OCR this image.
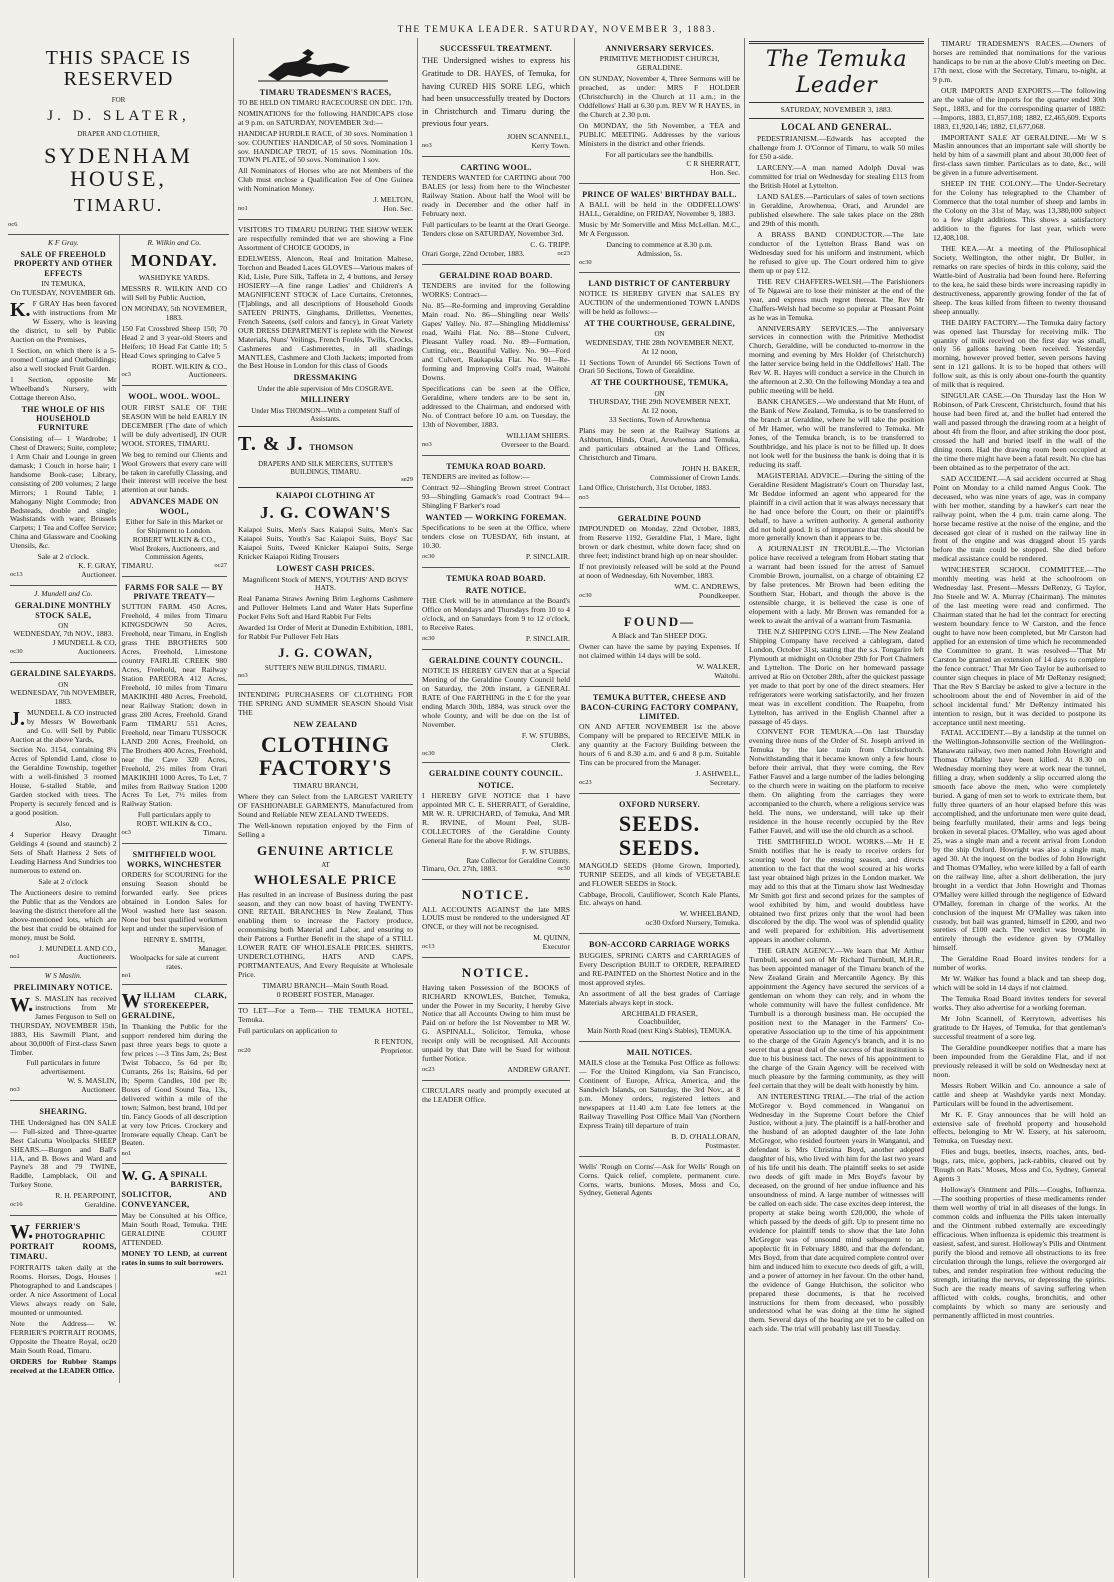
THE TEMUKA LEADER. SATURDAY, NOVEMBER 3, 1883.
THIS SPACE IS RESERVED
FOR
J. D. SLATER,
DRAPER AND CLOTHIER,
SYDENHAM HOUSE,
TIMARU.
oc6
K F Gray.
SALE OF FREEHOLD PROPERTY AND OTHER EFFECTS
IN TEMUKA,
On TUESDAY, NOVEMBER 6th.
K. F GRAY Has been favored with instructions from Mr W Essery, who is leaving the district, to sell by Public Auction on the Premises,
1 Section, on which there is a 5-roomed Cottage and Outbuildings; also a well stocked Fruit Garden.
1 Section, opposite Mr Wheelband's Nursery, with Cottage thereon Also,
THE WHOLE OF HIS HOUSEHOLD FURNITURE
Consisting of— 1 Wardrobe; 1 Chest of Drawers; Suite, complete; 1 Arm Chair and Lounge in green damask; 1 Couch in horse hair; 1 handsome Book-case; Library, consisting of 200 volumes; 2 large Mirrors; 1 Round Table; 1 Mahogany Night Commode; Iron Bedsteads, double and single; Washstands with ware; Brussels Carpets; 1 Tea and Coffee Service; China and Glassware and Cooking Utensils, &c.
Sale at 2 o'clock.
K. F. GRAY,
oc13	Auctioneer.
J. Mundell and Co.
GERALDINE MONTHLY STOCK SALE,
ON
WEDNESDAY, 7th NOV., 1883.
J MUNDELL & CO,
oc30	Auctioneers.
GERALDINE SALEYARDS.
ON
WEDNESDAY, 7th NOVEMBER, 1883.
J. MUNDELL & CO instructed by Messrs W Bowerbank and Co. will Sell by Public Auction at the above Yards,
Section No. 3154, containing 8¼ Acres of Splendid Land, close to the Geraldine Township, together with a well-finished 3 roomed House, 6-stalled Stable, and Garden stocked with trees. The Property is securely fenced and is a good position.
Also,
4 Superior Heavy Draught Geldings 4 (sound and staunch) 2 Sets of Shaft Harness 2 Sets of Leading Harness And Sundries too numerous to extend on.
Sale at 2 o'clock
The Auctioneers desire to remind the Public that as the Vendors are leaving the district therefore all the above-mentioned lots, which are the best that could be obtained for money, must be Sold.
J. MUNDELL AND CO.,
no1	Auctioneers.
W S Maslin.
PRELIMINARY NOTICE.
W. S. MASLIN has received instructions from Mr James Ferguson to Sell on THURSDAY, NOVEMBER 15th, 1883, His Sawmill Plant, and about 30,000ft of First-class Sawn Timber.
Full particulars in future advertisement.
W. S. MASLIN,
no3	Auctioneer.
SHEARING.
THE Undersigned has ON SALE— Full-sized and Three-quarter Best Calcutta Woolpacks SHEEP SHEARS.—Burgon and Ball's 11A, and B. Bows and Ward and Payne's 38 and 79 TWINE, Raddle, Lampblack, Oil and Turkey Stone.
R. H. PEARPOINT,
oc16	Geraldine.
W. FERRIER'S PHOTOGRAPHIC PORTRAIT ROOMS, TIMARU.
FORTRAITS taken daily at the Rooms. Horses, Dogs, Houses | Photographed to and Landscapes | order. A nice Assortment of Local Views always ready on Sale, mounted or unmounted.
Note the Address— W. FERRIER'S PORTRAIT ROOMS, Opposite the Theatre Royal, oc20 Main South Road, Timaru.
ORDERS for Rubber Stamps received at the LEADER Office.
R. Wilkin and Co.
MONDAY.
WASHDYKE YARDS.
MESSRS R. WILKIN AND CO will Sell by Public Auction,
ON MONDAY, 5th NOVEMBER, 1883.
150 Fat Crossbred Sheep 150; 70 Head 2 and 3 year-old Steers and Heifers; 10 Head Fat Cattle 10; 5 Head Cows springing to Calve 5
ROBT. WILKIN & CO.,
oc3	Auctioneers.
WOOL. WOOL. WOOL.
OUR FIRST SALE OF THE SEASON Will be held EARLY IN DECEMBER [The date of which will be duly advertised], IN OUR WOOL STORES, TIMARU.
We beg to remind our Clients and Wool Growers that every care will be taken in carefully Classing, and their interest will receive the best attention at our hands.
ADVANCES MADE ON WOOL,
Either for Sale in this Market or for Shipment to London.
ROBERT WILKIN & CO.,
Wool Brokers, Auctioneers, and Commission Agents,
TIMARU.	oc27
FARMS FOR SALE — BY PRIVATE TREATY—
SUTTON FARM. 450 Acres, Freehold, 4 miles from Timaru KINGSDOWN 50 Acres, Freehold, near Timaru, in English grass THE BROTHERS 500 Acres, Freehold, Limestone country FAIRLIE CREEK 980 Acres, Freehold, near Railway Station PAREORA 412 Acres, Freehold, 10 miles from Timaru MAKIKIHI 480 Acres, Freehold, near Railway Station; down in grass 200 Acres, Freehold. Grand Farm TIMARU 551 Acres, Freehold, near Timaru TUSSOCK LAND 200 Acres, Freehold, on The Brothers 400 Acres, Freehold, near the Cave 320 Acres, Freehold, 2½ miles from Orari MAKIKIHI 1000 Acres, To Let, 7 miles from Railway Station 1200 Acres To Let, 7½ miles from Railway Station.
Full particulars apply to
ROBT. WILKIN & CO.,
oc3	Timaru.
SMITHFIELD WOOL WORKS, WINCHESTER
ORDERS for SCOURING for the ensuing Season should be forwarded early. See prices obtained in London Sales for Wool washed here last season. None but best qualified workmen kept and under the supervision of
HENRY E. SMITH,
Manager.
Woolpacks for sale at current rates.
no1
WILLIAM CLARK, STOREKEEPER, GERALDINE,
In Thanking the Public for the support rendered him during the past three years begs to quote a few prices :—3 Tins Jam, 2s; Best Twist Tobacco, 5s 6d per lb; Currants, 26s 1s; Raisins, 6d per lb; Sperm Candles, 10d per lb; Boxes of Good Sound Tea, 13s, delivered within a mile of the town; Salmon, best brand, 10d per tin. Fancy Goods of all description at very low Prices. Crockery and Ironware equally Cheap. Can't be Beaten.
no1
W. G. A SPINALL BARRISTER, SOLICITOR, AND CONVEYANCER,
May be Consulted at his Office, Main South Road, Temuka. THE GERALDINE COURT ATTENDED.
MONEY TO LEND, at current rates in sums to suit borrowers.
se21
TIMARU TRADESMEN'S RACES,
TO BE HELD ON TIMARU RACECOURSE ON DEC. 17th.
NOMINATIONS for the following HANDICAPS close at 9 p.m. on SATURDAY, NOVEMBER 3rd:—
HANDICAP HURDLE RACE, of 30 sovs. Nomination 1 sov. COUNTIES' HANDICAP, of 50 sovs. Nomination 1 sov. HANDICAP TROT, of 15 sovs. Nomination 10s. TOWN PLATE, of 50 sovs. Nomination 1 sov.
All Nominators of Horses who are not Members of the Club must enclose a Qualification Fee of One Guinea with Nomination Money.
J. MELTON,
no1	Hon. Sec.
VISITORS TO TIMARU DURING THE SHOW WEEK are respectfully reminded that we are showing a Fine Assortment of CHOICE GOODS, in
EDELWEISS, Alencon, Real and Imitation Maltese, Torchon and Beaded Laces GLOVES—Various makes of Kid, Lisle, Pure Silk, Taffeta in 2, 4 buttons, and Jersey HOSIERY—A fine range Ladies' and Children's A MAGNIFICENT STOCK of Lace Curtains, Cretonnes, [T]ablings, and all descriptions of Household Goods SATEEN PRINTS, Ginghams, Drillettes, Veenettes, French Sateens, (self colors and fancy), in Great Variety OUR DRESS DEPARTMENT is replete with the Newest Materials, Nuns' Veilings, French Foulés, Twills, Crocks, Cashmeres and Cashmerettes, in all shadings MANTLES, Cashmere and Cloth Jackets; imported from the Best House in London for this class of Goods
DRESSMAKING
Under the able supervision of Mrs COSGRAVE.
MILLINERY
Under Miss THOMSON—With a competent Staff of Assistants.
T. & J. THOMSON
DRAPERS AND SILK MERCERS, SUTTER'S BUILDINGS, TIMARU.
se29
KAIAPOI CLOTHING AT
J. G. COWAN'S
Kaiapoi Suits, Men's Sacs Kaiapoi Suits, Men's Sac Kaiapoi Suits, Youth's Sac Kaiapoi Suits, Boys' Sac Kaiapoi Suits, Tweed Knicker Kaiapoi Suits, Serge Knicker Kaiapoi Riding Trousers
LOWEST CASH PRICES.
Magnificent Stock of MEN'S, YOUTHS' AND BOYS' HATS.
Real Panama Straws Awning Brim Leghorns Cashmere and Pullover Helmets Land and Water Hats Superfine Pocket Felts Soft and Hard Rabbit Fur Felts
Awarded 1st Order of Merit at Dunedin Exhibition, 1881, for Rabbit Fur Pullover Felt Hats
J. G. COWAN,
SUTTER'S NEW BUILDINGS, TIMARU.
no3
INTENDING PURCHASERS OF CLOTHING FOR THE SPRING AND SUMMER SEASON Should Visit THE
NEW ZEALAND
CLOTHING FACTORY'S
TIMARU BRANCH,
Where they can Select from the LARGEST VARIETY OF FASHIONABLE GARMENTS, Manufactured from Sound and Reliable NEW ZEALAND TWEEDS.
The Well-known reputation enjoyed by the Firm of Selling a
GENUINE ARTICLE
AT
WHOLESALE PRICE
Has resulted in an increase of Business during the past season, and they can now boast of having TWENTY-ONE RETAIL BRANCHES In New Zealand, Thus enabling them to increase the Factory produce, economising both Material and Labor, and ensuring to their Patrons a Further Benefit in the shape of a STILL LOWER RATE OF WHOLESALE PRICES. SHIRTS, UNDERCLOTHING, HATS AND CAPS, PORTMANTEAUS, And Every Requisite at Wholesale Price.
TIMARU BRANCH—Main South Road.
0 ROBERT FOSTER, Manager.
TO LET—For a Term— THE TEMUKA HOTEL, Temuka.
Full particulars on application to
R FENTON,
oc20	Proprietor.
SUCCESSFUL TREATMENT.
THE Undersigned wishes to express his Gratitude to DR. HAYES, of Temuka, for having CURED HIS SORE LEG, which had been unsuccessfully treated by Doctors in Christchurch and Timaru during the previous four years.
JOHN SCANNELL,
no3	Kerry Town.
CARTING WOOL.
TENDERS WANTED for CARTING about 700 BALES (or less) from here to the Winchester Railway Station. About half the Wool will be ready in December and the other half in February next.
Full particulars to be learnt at the Orari George. Tenders close on SATURDAY, November 3rd.
C. G. TRIPP.
Orari Gorge, 22nd October, 1883.	oc23
GERALDINE ROAD BOARD.
TENDERS are invited for the following WORKS: Contract—
No. 85—Re-forming and improving Geraldine Main road. No. 86—Shingling near Wells' Gapes' Valley. No. 87—Shingling Middlemiss' road, Waihi Flat. No. 88—Stone Culvert, Pleasant Valley road. No. 89—Formation, Cutting, etc., Beautiful Valley. No. 90—Ford and Culvert, Raukapuka Flat. No. 91—Re-forming and Improving Coll's road, Waitohi Downs.
Specifications can be seen at the Office, Geraldine, where tenders are to be sent in, addressed to the Chairman, and endorsed with No. of Contract before 10 a.m. on Tuesday, the 13th of November, 1883.
WILLIAM SHIERS.
no3	Overseer to the Board.
TEMUKA ROAD BOARD.
TENDERS are invited as follow:—
Contract 92—Shingling Brown street Contract 93—Shingling Gamack's road Contract 94—Shingling F Barker's road
WANTED — WORKING FOREMAN.
Specifications to be seen at the Office, where tenders close on TUESDAY, 6th instant, at 10.30.
oc30	P. SINCLAIR.
TEMUKA ROAD BOARD.
RATE NOTICE.
THE Clerk will be in attendance at the Board's Office on Mondays and Thursdays from 10 to 4 o'clock, and on Saturdays from 9 to 12 o'clock, to Receive Rates.
oc30	P. SINCLAIR.
GERALDINE COUNTY COUNCIL.
NOTICE IS HEREBY GIVEN that at a Special Meeting of the Geraldine County Council held on Saturday, the 20th instant, a GENERAL RATE of One FARTHING in the £ for the year ending March 30th, 1884, was struck over the whole County, and will be due on the 1st of November.
F. W. STUBBS,
Clerk.
oc30
GERALDINE COUNTY COUNCIL.
NOTICE.
I HEREBY GIVE NOTICE that I have appointed MR C. E. SHERRATT, of Geraldine, MR W. R. UPRICHARD, of Temuka, And MR R. IRVINE, of Mount Peel, SUB-COLLECTORS of the Geraldine County General Rate for the above Ridings.
F. W. STUBBS,
Rate Collector for Geraldine County.
Timaru, Oct. 27th, 1883.	oc30
NOTICE.
ALL ACCOUNTS AGAINST the late MRS LOUIS must be rendered to the undersigned AT ONCE, or they will not be recognised.
M. QUINN,
oc13	Executor
NOTICE.
Having taken Possession of the BOOKS of RICHARD KNOWLES, Butcher, Temuka, under the Power in my Security, I hereby Give Notice that all Accounts Owing to him must be Paid on or before the 1st November to MR W. G. ASPINALL, Solicitor, Temuka, whose receipt only will be recognised. All Accounts unpaid by that Date will be Sued for without further Notice.
oc23	ANDREW GRANT.
CIRCULARS neatly and promptly executed at the LEADER Office.
ANNIVERSARY SERVICES.
PRIMITIVE METHODIST CHURCH, GERALDINE.
ON SUNDAY, November 4, Three Sermons will be preached, as under: MRS F HOLDER (Christchurch) in the Church at 11 a.m.; in the Oddfellows' Hall at 6.30 p.m. REV W R HAYES, in the Church at 2.30 p.m.
On MONDAY, the 5th November, a TEA and PUBLIC MEETING. Addresses by the various Ministers in the district and other friends.
For all particulars see the handbills.
C R SHERRATT,
Hon. Sec.
PRINCE OF WALES' BIRTHDAY BALL.
A BALL will be held in the ODDFELLOWS' HALL, Geraldine, on FRIDAY, November 9, 1883.
Music by Mr Somerville and Miss McLellan. M.C., Mr A Fergusson.
Dancing to commence at 8.30 p.m.
Admission, 5s.
oc30
LAND DISTRICT OF CANTERBURY
NOTICE IS HEREBY GIVEN that SALES BY AUCTION of the undermentioned TOWN LANDS will be held as follows:—
AT THE COURTHOUSE, GERALDINE,
ON
WEDNESDAY, THE 28th NOVEMBER NEXT,
At 12 noon,
11 Sections Town of Arundel 66 Sections Town of Orari 50 Sections, Town of Geraldine.
AT THE COURTHOUSE, TEMUKA,
ON
THURSDAY, THE 29th NOVEMBER NEXT,
At 12 noon,
33 Sections, Town of Arowhenua
Plans may be seen at the Railway Stations at Ashburton, Hinds, Orari, Arowhenua and Temuka, and particulars obtained at the Land Offices, Christchurch and Timaru.
JOHN H. BAKER,
Commissioner of Crown Lands.
Land Office, Christchurch, 31st October, 1883.
no3
GERALDINE POUND
IMPOUNDED on Monday, 22nd October, 1883, from Reserve 1192, Geraldine Flat, 1 Mare, light brown or dark chestnut, white down face; shod on three feet; indistinct brand high up on near shoulder.
If not previously released will be sold at the Pound at noon of Wednesday, 6th November, 1883.
WM. C. ANDREWS,
oc30	Poundkeeper.
FOUND—
A Black and Tan SHEEP DOG.
Owner can have the same by paying Expenses. If not claimed within 14 days will be sold.
W. WALKER,
Waitohi.
TEMUKA BUTTER, CHEESE AND BACON-CURING FACTORY COMPANY, LIMITED.
ON AND AFTER NOVEMBER 1st the above Company will be prepared to RECEIVE MILK in any quantity at the Factory Building between the hours of 6 and 8.30 a.m. and 6 and 8 p.m. Suitable Tins can be procured from the Manager.
J. ASHWELL,
oc23	Secretary.
OXFORD NURSERY.
SEEDS. SEEDS.
MANGOLD SEEDS (Home Grown, Imported), TURNIP SEEDS, and all kinds of VEGETABLE and FLOWER SEEDS in Stock.
Cabbage, Brocoli, Cauliflower, Scotch Kale Plants, Etc. always on hand.
W. WHEELBAND,
oc30 Oxford Nursery, Temuka.
BON-ACCORD CARRIAGE WORKS
BUGGIES, SPRING CARTS and CARRIAGES of Every Description BUILT to ORDER, REPAIRED and RE-PAINTED on the Shortest Notice and in the most approved styles.
An assortment of all the best grades of Carriage Materials always kept in stock.
ARCHIBALD FRASER,
Coachbuilder,
Main North Road (next King's Stables), TEMUKA.
MAIL NOTICES.
MAILS close at the Temuka Post Office as follows:— For the United Kingdom, via San Francisco, Continent of Europe, Africa, America, and the Sandwich Islands, on Saturday, the 3rd Nov., at 8 p.m. Money orders, registered letters and newspapers at 11.40 a.m Late fee letters at the Railway Travelling Post Office Mail Van (Northern Express Train) till departure of train
B. D. O'HALLORAN,
Postmaster.
Wells' 'Rough on Corns'—Ask for Wells' Rough on Corns. Quick relief, complete, permanent cure. Corns, warts, bunions. Moses, Moss and Co, Sydney, General Agents
The Temuka Leader
SATURDAY, NOVEMBER 3, 1883.
LOCAL AND GENERAL.
PEDESTRIANISM.—Edwards has accepted the challenge from J. O'Connor of Timaru, to walk 50 miles for £50 a-side.
LARCENY.—A man named Adolph Duval was committed for trial on Wednesday for stealing £113 from the British Hotel at Lyttelton.
LAND SALES.—Particulars of sales of town sections in Geraldine, Arowhenua, Orari, and Arundel are published elsewhere. The sale takes place on the 28th and 29th of this month.
A BRASS BAND CONDUCTOR.—The late conductor of the Lyttelton Brass Band was on Wednesday sued for his uniform and instrument, which he refused to give up. The Court ordered him to give them up or pay £12.
THE REV CHAFFERS-WELSH.—The Parishioners of Te Ngawai are to lose their minister at the end of the year, and express much regret thereat. The Rev Mr Chaffers-Welsh had become so popular at Pleasant Point as he was in Temuka.
ANNIVERSARY SERVICES.—The anniversary services in connection with the Primitive Methodist Church, Geraldine, will be conducted to-morrow in the morning and evening by Mrs Holder (of Christchurch) the latter service being held in the Oddfellows' Hall. The Rev W. R. Hayes will conduct a service in the Church in the afternoon at 2.30. On the following Monday a tea and public meeting will be held.
BANK CHANGES.—We understand that Mr Hunt, of the Bank of New Zealand, Temuka, is to be transferred to the branch at Geraldine, where he will take the position of Mr Hamer, who will be transferred to Temuka. Mr Jones, of the Temuka branch, is to be transferred to Southbridge, and his place is not to be filled up. It does not look well for the business the bank is doing that it is reducing its staff.
MAGISTERIAL ADVICE.—During the sitting of the Geraldine Resident Magistrate's Court on Thursday last, Mr Beddoe informed an agent who appeared for the plaintiff in a civil action that it was always necessary that he had once before the Court, on their or plaintiff's behalf, to have a written authority. A general authority did not hold good. It is of importance that this should be more generally known than it appears to be.
A JOURNALIST IN TROUBLE.—The Victorian police have received a telegram from Hobart stating that a warrant had been issued for the arrest of Samuel Crombie Brown, journalist, on a charge of obtaining £2 by false pretences. Mr Brown had been editing the Southern Star, Hobart, and though the above is the ostensible charge, it is believed the case is one of elopement with a lady. Mr Brown was remanded for a week to await the arrival of a warrant from Tasmania.
THE N.Z SHIPPING CO'S LINE.—The New Zealand Shipping Company have received a cablegram, dated London, October 31st, stating that the s.s. Tongariro left Plymouth at midnight on October 29th for Port Chalmers and Lyttelton. The Doric on her homeward passage arrived at Rio on October 28th, after the quickest passage yet made to that port by one of the direct steamers. Her refrigerators were working satisfactorily, and her frozen meat was in excellent condition. The Ruapehu, from Lyttelton, has arrived in the English Channel after a passage of 45 days.
CONVENT FOR TEMUKA.—On last Thursday evening three nuns of the Order of St. Joseph arrived in Temuka by the late train from Christchurch. Notwithstanding that it became known only a few hours before their arrival, that they were coming, the Rev Father Fauvel and a large number of the ladies belonging to the church were in waiting on the platform to receive them. On alighting from the carriages they were accompanied to the church, where a religious service was held. The nuns, we understand, will take up their residence in the house recently occupied by the Rev Father Fauvel, and will use the old church as a school.
THE SMITHFIELD WOOL WORKS.—Mr H E Smith notifies that he is ready to receive orders for scouring wool for the ensuing season, and directs attention to the fact that the wool scoured at his works last year obtained high prizes in the London market. We may add to this that at the Timaru show last Wednesday Mr Smith got first and second prizes for the samples of wool exhibited by him, and would doubtless have obtained two first prizes only that the wool had been discolored by the dip. The wool was of splendid quality and well prepared for exhibition. His advertisement appears in another column.
THE GRAIN AGENCY.—We learn that Mr Arthur Turnbull, second son of Mr Richard Turnbull, M.H.R., has been appointed manager of the Timaru branch of the New Zealand Grain and Mercantile Agency. By this appointment the Agency have secured the services of a gentleman on whom they can rely, and in whom the whole community will have the fullest confidence. Mr Turnbull is a thorough business man. He occupied the position next to the Manager in the Farmers' Co-operative Association up to the time of his appointment to the charge of the Grain Agency's branch, and it is no secret that a great deal of the success of that institution is due to his business tact. The news of his appointment to the charge of the Grain Agency will be received with much pleasure by the farming community, as they will feel certain that they will be dealt with honestly by him.
AN INTERESTING TRIAL.—The trial of the action McGregor v. Boyd commenced in Wanganui on Wednesday in the Supreme Court before the Chief Justice, without a jury. The plaintiff is a half-brother and the husband of an adopted daughter of the late John McGregor, who resided fourteen years in Wanganui, and defendant is Mrs Christina Boyd, another adopted daughter of his, who lived with him for the last two years of his life until his death. The plaintiff seeks to set aside two deeds of gift made in Mrs Boyd's favour by deceased, on the ground of her undue influence and his unsoundness of mind. A large number of witnesses will be called on each side. The case excites deep interest, the property at stake being worth £20,000, the whole of which passed by the deeds of gift. Up to present time no evidence for plaintiff tends to show that the late John McGregor was of unsound mind subsequent to an apoplectic fit in February 1880, and that the defendant, Mrs Boyd, from that date acquired complete control over him and induced him to execute two deeds of gift, a will, and a power of attorney in her favour. On the other hand, the evidence of Gange Hutchison, the solicitor who prepared these documents, is that he received instructions for them from deceased, who possibly understood what he was doing at the time he signed them. Several days of the hearing are yet to be called on each side. The trial will probably last till Tuesday.
TIMARU TRADESMEN'S RACES.—Owners of horses are reminded that nominations for the various handicaps to be run at the above Club's meeting on Dec. 17th next, close with the Secretary, Timaru, to-night, at 9 p.m.
OUR IMPORTS AND EXPORTS.—The following are the value of the imports for the quarter ended 30th Sept., 1883, and for the corresponding quarter of 1882:—Imports, 1883, £1,857,108; 1882, £2,465,609. Exports 1883, £1,920,146; 1882, £1,677,068.
IMPORTANT SALE AT GERALDINE.—Mr W S Maslin announces that an important sale will shortly be held by him of a sawmill plant and about 30,000 feet of first-class sawn timber. Particulars as to date, &c., will be given in a future advertisement.
SHEEP IN THE COLONY.—The Under-Secretary for the Colony has telegraphed to the Chamber of Commerce that the total number of sheep and lambs in the Colony on the 31st of May, was 13,380,000 subject to a few slight additions. This shows a satisfactory addition to the figures for last year, which were 12,408,108.
THE KEA.—At a meeting of the Philosophical Society, Wellington, the other night, Dr Buller, in remarks on rare species of birds in this colony, said the Wattle-bird of Australia had been found here. Referring to the kea, he said these birds were increasing rapidly in destructiveness, apparently growing fonder of the fat of sheep. The keas killed from fifteen to twenty thousand sheep annually.
THE DAIRY FACTORY.—The Temuka dairy factory was opened last Thursday for receiving milk. The quantity of milk received on the first day was small, only 56 gallons having been received. Yesterday morning, however proved better, seven persons having sent in 121 gallons. It is to be hoped that others will follow suit, as this is only about one-fourth the quantity of milk that is required.
SINGULAR CASE.—On Thursday last the Hon W Robinson, of Park Crescent, Christchurch, found that his house had been fired at, and the bullet had entered the wall and passed through the drawing room at a height of about 4ft from the floor, and after striking the door post, crossed the hall and buried itself in the wall of the dining room. Had the drawing room been occupied at the time there might have been a fatal result. No clue has been obtained as to the perpetrator of the act.
SAD ACCIDENT.—A sad accident occurred at Shag Point on Monday to a child named Angus Cook. The deceased, who was nine years of age, was in company with her mother, standing by a hawker's cart near the railway point, when the 4 p.m. train came along. The horse became restive at the noise of the engine, and the deceased got clear of it rushed on the railway line in front of the engine and was dragged about 15 yards before the train could be stopped. She died before medical assistance could be rendered.
WINCHESTER SCHOOL COMMITTEE.—The monthly meeting was held at the schoolroom on Wednesday last. Present—Messrs DeRenzy, G Taylor, Jno Steele and W. A. Murray (Chairman). The minutes of the last meeting were read and confirmed. The Chairman stated that he had let the contract for erecting western boundary fence to W Carston, and the fence ought to have now been completed, but Mr Carston had applied for an extension of time which he recommended the Committee to grant. It was resolved—'That Mr Carston be granted an extension of 14 days to complete the fence contract.' That Mr Geo Taylor be authorised to counter sign cheques in place of Mr DeRenzy resigned; That the Rev S Barclay be asked to give a lecture in the schoolroom about the end of November in aid of the school incidental fund.' Mr DeRenzy intimated his intention to resign, but it was decided to postpone its acceptance until next meeting.
FATAL ACCIDENT.—By a landslip at the tunnel on the Wellington-Johnsonville section of the Wellington-Manawatu railway, two men named John Howright and Thomas O'Malley have been killed. At 8.30 on Wednesday morning they were at work near the tunnel, filling a dray, when suddenly a slip occurred along the smooth face above the men, who were completely buried. A gang of men set to work to extricate them, but fully three quarters of an hour elapsed before this was accomplished, and the unfortunate men were quite dead, being fearfully mutilated, their arms and legs being broken in several places. O'Malley, who was aged about 25, was a single man and a recent arrival from London by the ship Oxford. Howright was also a single man, aged 30. At the inquest on the bodies of John Howright and Thomas O'Malley, who were killed by a fall of earth on the railway line, after a short deliberation, the jury brought in a verdict that John Howright and Thomas O'Malley were killed through the negligence of Edward O'Malley, foreman in charge of the works. At the conclusion of the inquest Mr O'Malley was taken into custody, but bail was granted, himself in £200, and two sureties of £100 each. The verdict was brought in entirely through the evidence given by O'Malley himself.
The Geraldine Road Board invites tenders for a number of works.
Mr W. Walker has found a black and tan sheep dog, which will be sold in 14 days if not claimed.
The Temuka Road Board invites tenders for several works. They also advertise for a working foreman.
Mr John Scannell, of Kerrytown, advertises his gratitude to Dr Hayes, of Temuka, for that gentleman's successful treatment of a sore leg.
The Geraldine poundkeeper notifies that a mare has been impounded from the Geraldine Flat, and if not previously released it will be sold on Wednesday next at noon.
Messrs Robert Wilkin and Co. announce a sale of cattle and sheep at Washdyke yards next Monday. Particulars will be found in the advertisement.
Mr K. F. Gray announces that he will hold an extensive sale of freehold property and household effects, belonging to Mr W. Essery, at his saleroom, Temuka, on Tuesday next.
Flies and bugs, beetles, insects, roaches, ants, bed-bugs, rats, mice, gophers, jack-rabbits, cleared out by 'Rough on Rats.' Moses, Moss and Co, Sydney, General Agents 3
Holloway's Ointment and Pills.—Coughs, Influenza.—The soothing properties of these medicaments render them well worthy of trial in all diseases of the lungs. In common colds and influenza the Pills taken internally and the Ointment rubbed externally are exceedingly efficacious. When influenza is epidemic this treatment is easiest, safest, and surest. Holloway's Pills and Ointment purify the blood and remove all obstructions to its free circulation through the lungs, relieve the overgorged air tubes, and render respiration free without reducing the strength, irritating the nerves, or depressing the spirits. Such are the ready means of saving suffering when afflicted with colds, coughs, bronchitis, and other complaints by which so many are seriously and permanently afflicted in most countries.
